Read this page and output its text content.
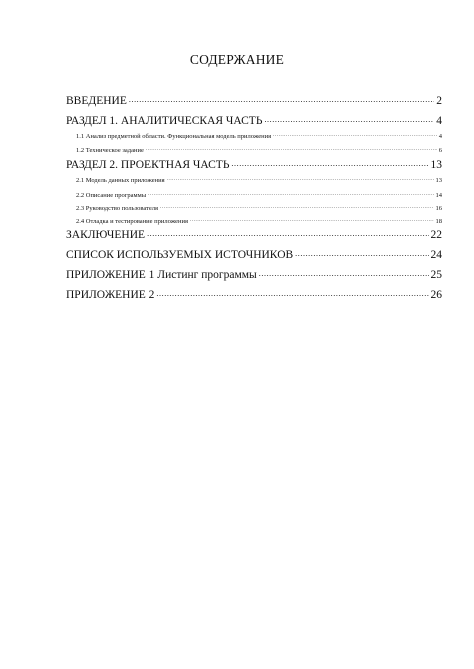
СОДЕРЖАНИЕ
ВВЕДЕНИЕ .....	2
РАЗДЕЛ 1. АНАЛИТИЧЕСКАЯ ЧАСТЬ .....	4
1.1 Анализ предметной области. Функциональная модель приложения .....	4
1.2 Техническое задание .....	6
РАЗДЕЛ 2. ПРОЕКТНАЯ ЧАСТЬ .....	13
2.1 Модель данных приложения .....	13
2.2 Описание программы .....	14
2.3 Руководство пользователя .....	16
2.4 Отладка и тестирование приложения .....	18
ЗАКЛЮЧЕНИЕ .....	22
СПИСОК ИСПОЛЬЗУЕМЫХ ИСТОЧНИКОВ .....	24
ПРИЛОЖЕНИЕ 1 Листинг программы .....	25
ПРИЛОЖЕНИЕ 2 .....	26
